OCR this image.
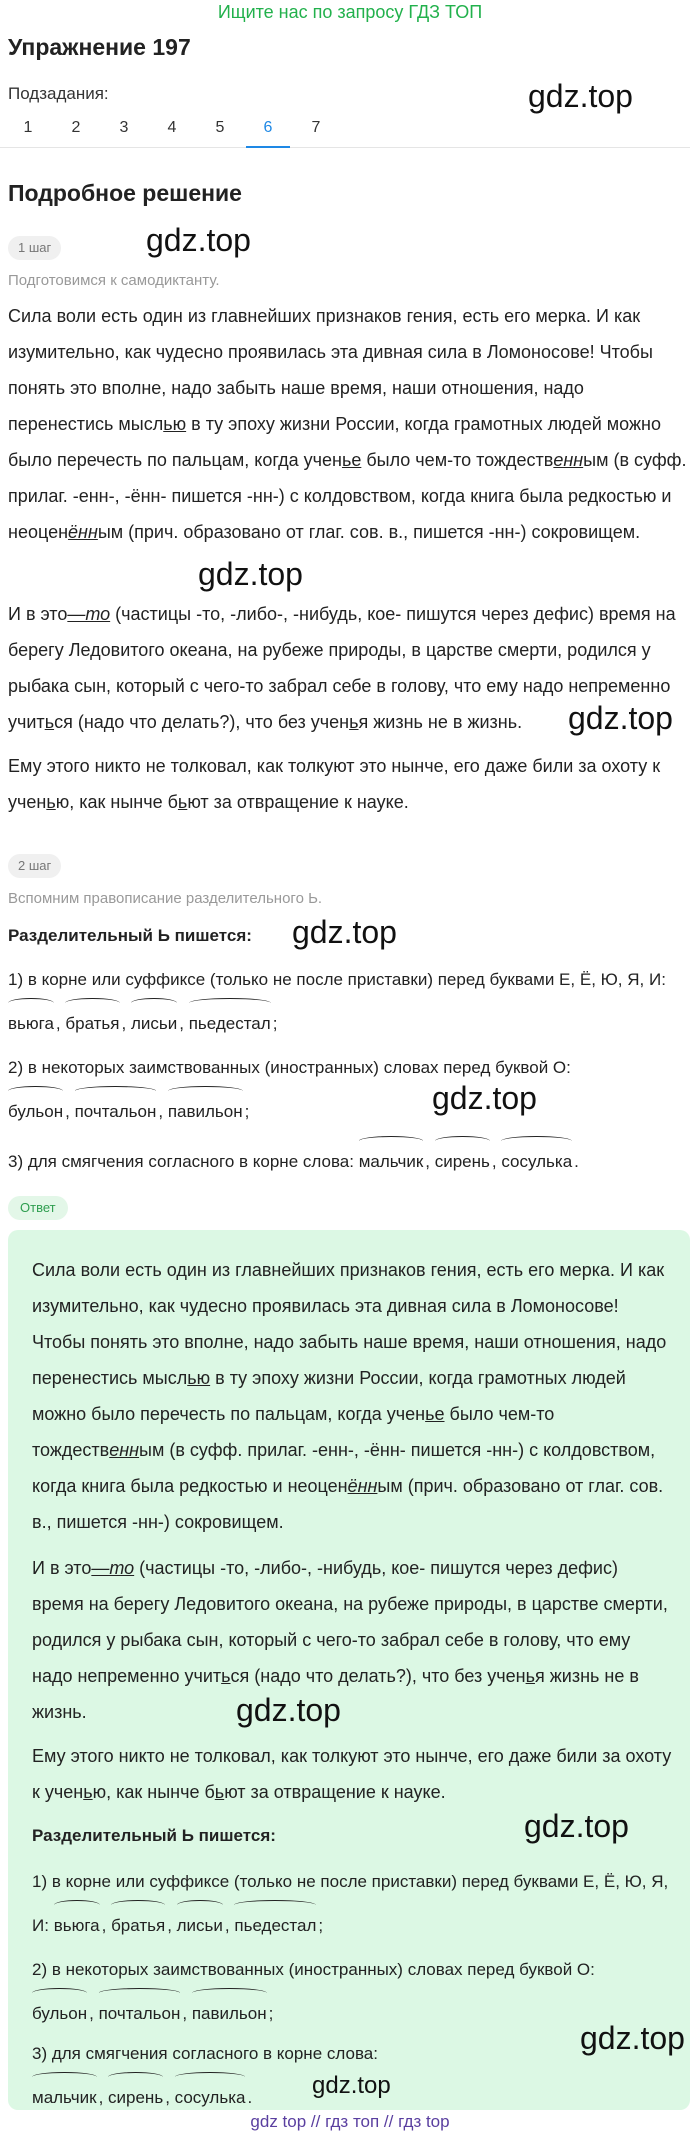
Ищите нас по запросу ГДЗ ТОП
Упражнение 197
Подзадания:
1	2	3	4	5	6	7
gdz.top
Подробное решение
1 шаг	gdz.top
Подготовимся к самодиктанту.
Сила воли есть один из главнейших признаков гения, есть его мерка. И как изумительно, как чудесно проявилась эта дивная сила в Ломоносове! Чтобы понять это вполне, надо забыть наше время, наши отношения, надо перенестись мыслью в ту эпоху жизни России, когда грамотных людей можно было перечесть по пальцам, когда ученье было чем-то тождественным (в суфф. прилаг. -енн-, -ённ- пишется -нн-) с колдовством, когда книга была редкостью и неоценённым (прич. образовано от глаг. сов. в., пишется -нн-) сокровищем.
gdz.top
И в это—то (частицы -то, -либо-, -нибудь, кое- пишутся через дефис) время на берегу Ледовитого океана, на рубеже природы, в царстве смерти, родился у рыбака сын, который с чего-то забрал себе в голову, что ему надо непременно учиться (надо что делать?), что без ученья жизнь не в жизнь.	gdz.top
Ему этого никто не толковал, как толкуют это нынче, его даже били за охоту к ученью, как нынче бьют за отвращение к науке.
2 шаг
Вспомним правописание разделительного Ь.
Разделительный Ь пишется: gdz.top
1) в корне или суффиксе (только не после приставки) перед буквами Е, Ё, Ю, Я, И:

вьюга ,
братья ,
лисьи ,
пьедестал ;
2) в некоторых заимствованных (иностранных) словах перед буквой О:

бульон ,
почтальон ,
павильон ;	gdz.top
3) для смягчения согласного в корне слова: мальчик ,
сирень ,
сосулька .
Ответ
Сила воли есть один из главнейших признаков гения, есть его мерка. И как изумительно, как чудесно проявилась эта дивная сила в Ломоносове! Чтобы понять это вполне, надо забыть наше время, наши отношения, надо перенестись мыслью в ту эпоху жизни России, когда грамотных людей можно было перечесть по пальцам, когда ученье было чем-то тождественным (в суфф. прилаг. -енн-, -ённ- пишется -нн-) с колдовством, когда книга была редкостью и неоценённым (прич. образовано от глаг. сов. в., пишется -нн-) сокровищем.
И в это—то (частицы -то, -либо-, -нибудь, кое- пишутся через дефис) время на берегу Ледовитого океана, на рубеже природы, в царстве смерти, родился у рыбака сын, который с чего-то забрал себе в голову, что ему надо непременно учиться (надо что делать?), что без ученья жизнь не в жизнь.	gdz.top
Ему этого никто не толковал, как толкуют это нынче, его даже били за охоту к ученью, как нынче бьют за отвращение к науке.
Разделительный Ь пишется:	gdz.top
1) в корне или суффиксе (только не после приставки) перед буквами Е, Ё, Ю, Я, И: вьюга ,
братья ,
лисьи ,
пьедестал ;
2) в некоторых заимствованных (иностранных) словах перед буквой О:

бульон ,
почтальон ,
павильон ;
gdz.top
3) для смягчения согласного в корне слова:

мальчик ,
сирень ,
сосулька .	gdz.top
gdz top // гдз топ // гдз top
